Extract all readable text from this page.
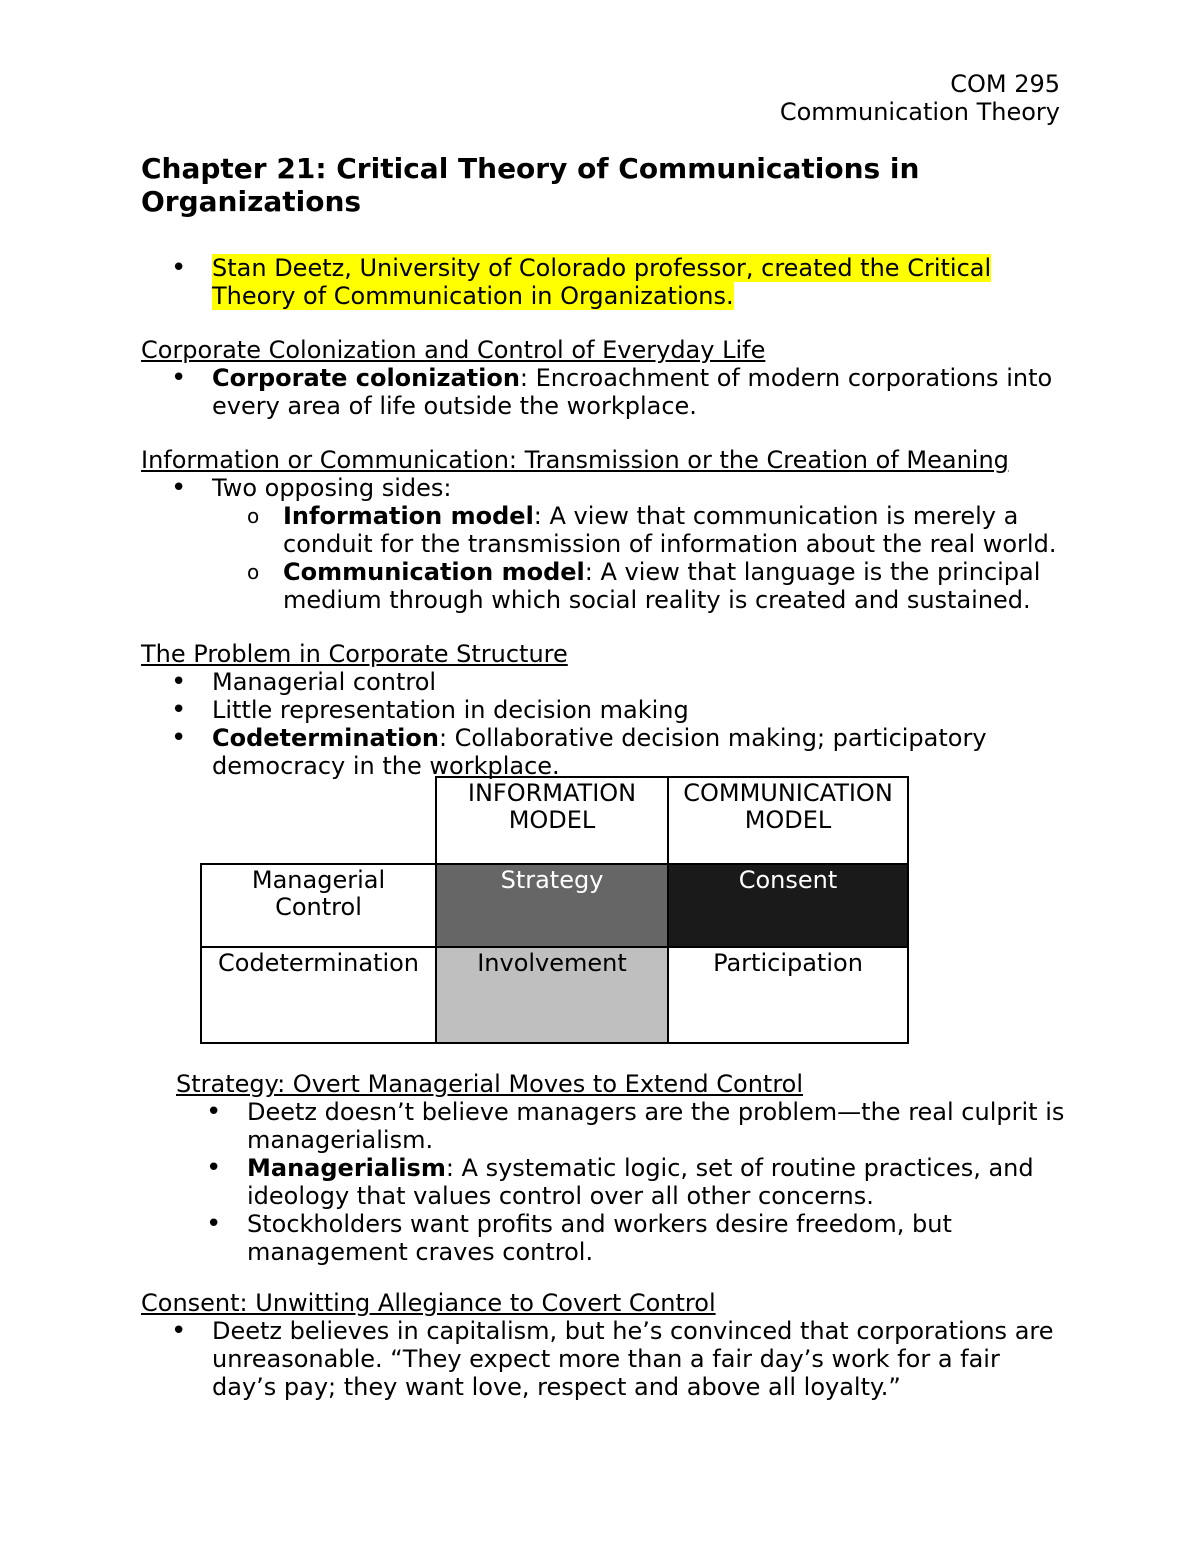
COM 295
Communication Theory
Chapter 21: Critical Theory of Communications in Organizations
• Stan Deetz, University of Colorado professor, created the Critical Theory of Communication in Organizations.
Corporate Colonization and Control of Everyday Life
• Corporate colonization: Encroachment of modern corporations into every area of life outside the workplace.
Information or Communication: Transmission or the Creation of Meaning
• Two opposing sides:
o Information model: A view that communication is merely a conduit for the transmission of information about the real world.
o Communication model: A view that language is the principal medium through which social reality is created and sustained.
The Problem in Corporate Structure
• Managerial control
• Little representation in decision making
• Codetermination: Collaborative decision making; participatory democracy in the workplace.
	INFORMATION MODEL	COMMUNICATION MODEL
Managerial Control	Strategy	Consent
Codetermination	Involvement	Participation
Strategy: Overt Managerial Moves to Extend Control
• Deetz doesn’t believe managers are the problem—the real culprit is managerialism.
• Managerialism: A systematic logic, set of routine practices, and ideology that values control over all other concerns.
• Stockholders want profits and workers desire freedom, but management craves control.
Consent: Unwitting Allegiance to Covert Control
• Deetz believes in capitalism, but he’s convinced that corporations are unreasonable. “They expect more than a fair day’s work for a fair day’s pay; they want love, respect and above all loyalty.”
